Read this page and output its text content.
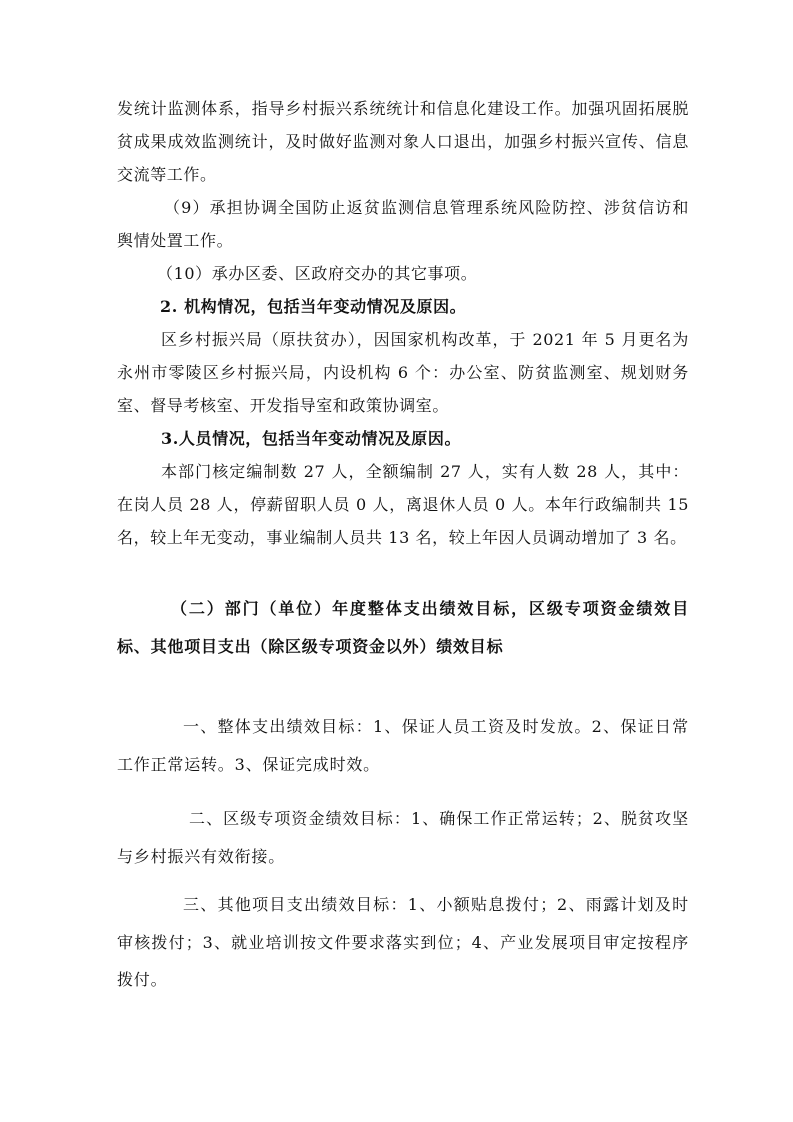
发统计监测体系，指导乡村振兴系统统计和信息化建设工作。加强巩固拓展脱贫成果成效监测统计，及时做好监测对象人口退出，加强乡村振兴宣传、信息交流等工作。

（9）承担协调全国防止返贫监测信息管理系统风险防控、涉贫信访和舆情处置工作。

（10）承办区委、区政府交办的其它事项。

2. 机构情况，包括当年变动情况及原因。

区乡村振兴局（原扶贫办），因国家机构改革，于 2021 年 5 月更名为永州市零陵区乡村振兴局，内设机构 6 个：办公室、防贫监测室、规划财务室、督导考核室、开发指导室和政策协调室。

3.人员情况，包括当年变动情况及原因。

本部门核定编制数 27 人，全额编制 27 人，实有人数 28 人，其中：在岗人员 28 人，停薪留职人员 0 人，离退休人员 0 人。本年行政编制共 15 名，较上年无变动，事业编制人员共 13 名，较上年因人员调动增加了 3 名。

（二）部门（单位）年度整体支出绩效目标，区级专项资金绩效目标、其他项目支出（除区级专项资金以外）绩效目标

一、整体支出绩效目标：1、保证人员工资及时发放。2、保证日常工作正常运转。3、保证完成时效。

二、区级专项资金绩效目标：1、确保工作正常运转；2、脱贫攻坚与乡村振兴有效衔接。

三、其他项目支出绩效目标：1、小额贴息拨付；2、雨露计划及时审核拨付；3、就业培训按文件要求落实到位；4、产业发展项目审定按程序拨付。
